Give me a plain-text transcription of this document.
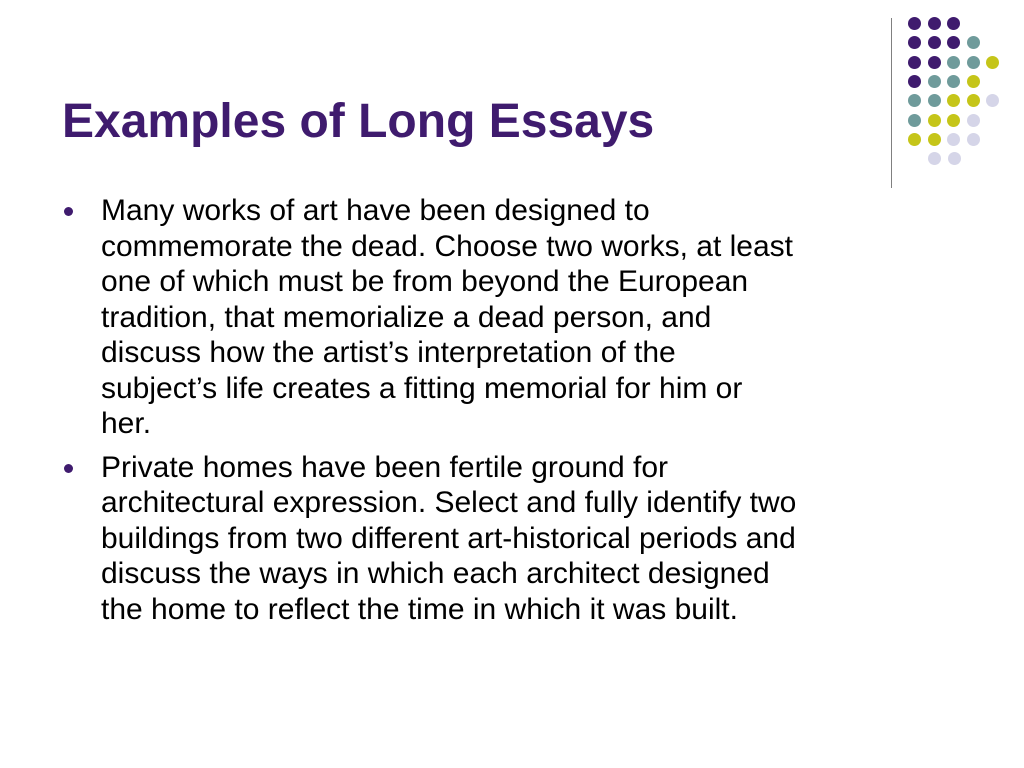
Examples of Long Essays
Many works of art have been designed to
commemorate the dead. Choose two works, at least
one of which must be from beyond the European
tradition, that memorialize a dead person, and
discuss how the artist’s interpretation of the
subject’s life creates a fitting memorial for him or
her.
Private homes have been fertile ground for
architectural expression. Select and fully identify two
buildings from two different art-historical periods and
discuss the ways in which each architect designed
the home to reflect the time in which it was built.
